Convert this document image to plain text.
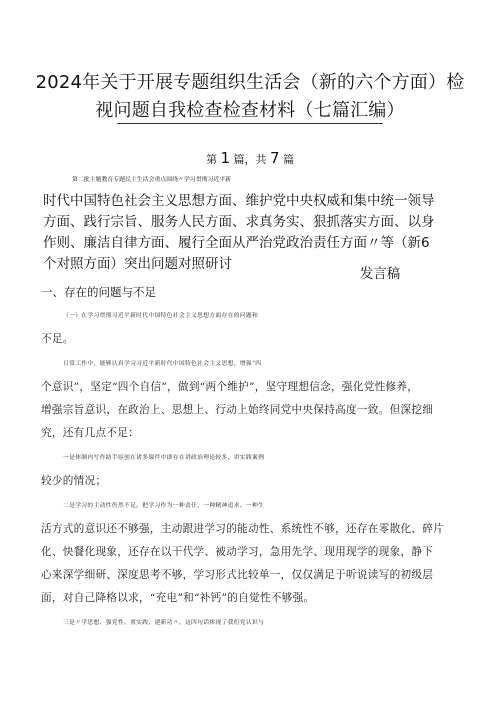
2024年关于开展专题组织生活会（新的六个方面）检
视问题自我检查检查材料（七篇汇编）
第 1 篇，共 7 篇
第二批主题教育专题民主生活会重点围绕〃学习贯彻习近平新
时代中国特色社会主义思想方面、维护党中央权威和集中统一领导
方面、践行宗旨、服务人民方面、求真务实、狠抓落实方面、以身
作则、廉洁自律方面、履行全面从严治党政治责任方面〃等（新6
个对照方面）突出问题对照研讨
发言稿
一、存在的问题与不足
（一）在学习贯彻习近平新时代中国特色社会主义思想方面存在的问题和
不足。
日常工作中，能够认真学习习近平新时代中国特色社会主义思想，增强“四
个意识”，坚定“四个自信”，做到“两个维护”，坚守理想信念，强化党性修养，
增强宗旨意识，在政治上、思想上、行动上始终同党中央保持高度一致。但深挖细
究，还有几点不足：
一是体制内写作助手原创在诸多课件中即存在讲政治理论较多、讲实践案例
较少的情况；
二是学习的主动性仍然不足。把学习作为一种责任、一种精神追求、一种生
活方式的意识还不够强，主动跟进学习的能动性、系统性不够，还存在零散化、碎片
化、快餐化现象，还存在以干代学、被动学习，急用先学、现用现学的现象，静下
心来深学细研、深度思考不够，学习形式比较单一，仅仅满足于听说读写的初级层
面，对自己降格以求，“充电”和“补钙”的自觉性不够强。
三是〃学思想、强党性、重实践、建新功〃。这四句话体现了我们党认识与
